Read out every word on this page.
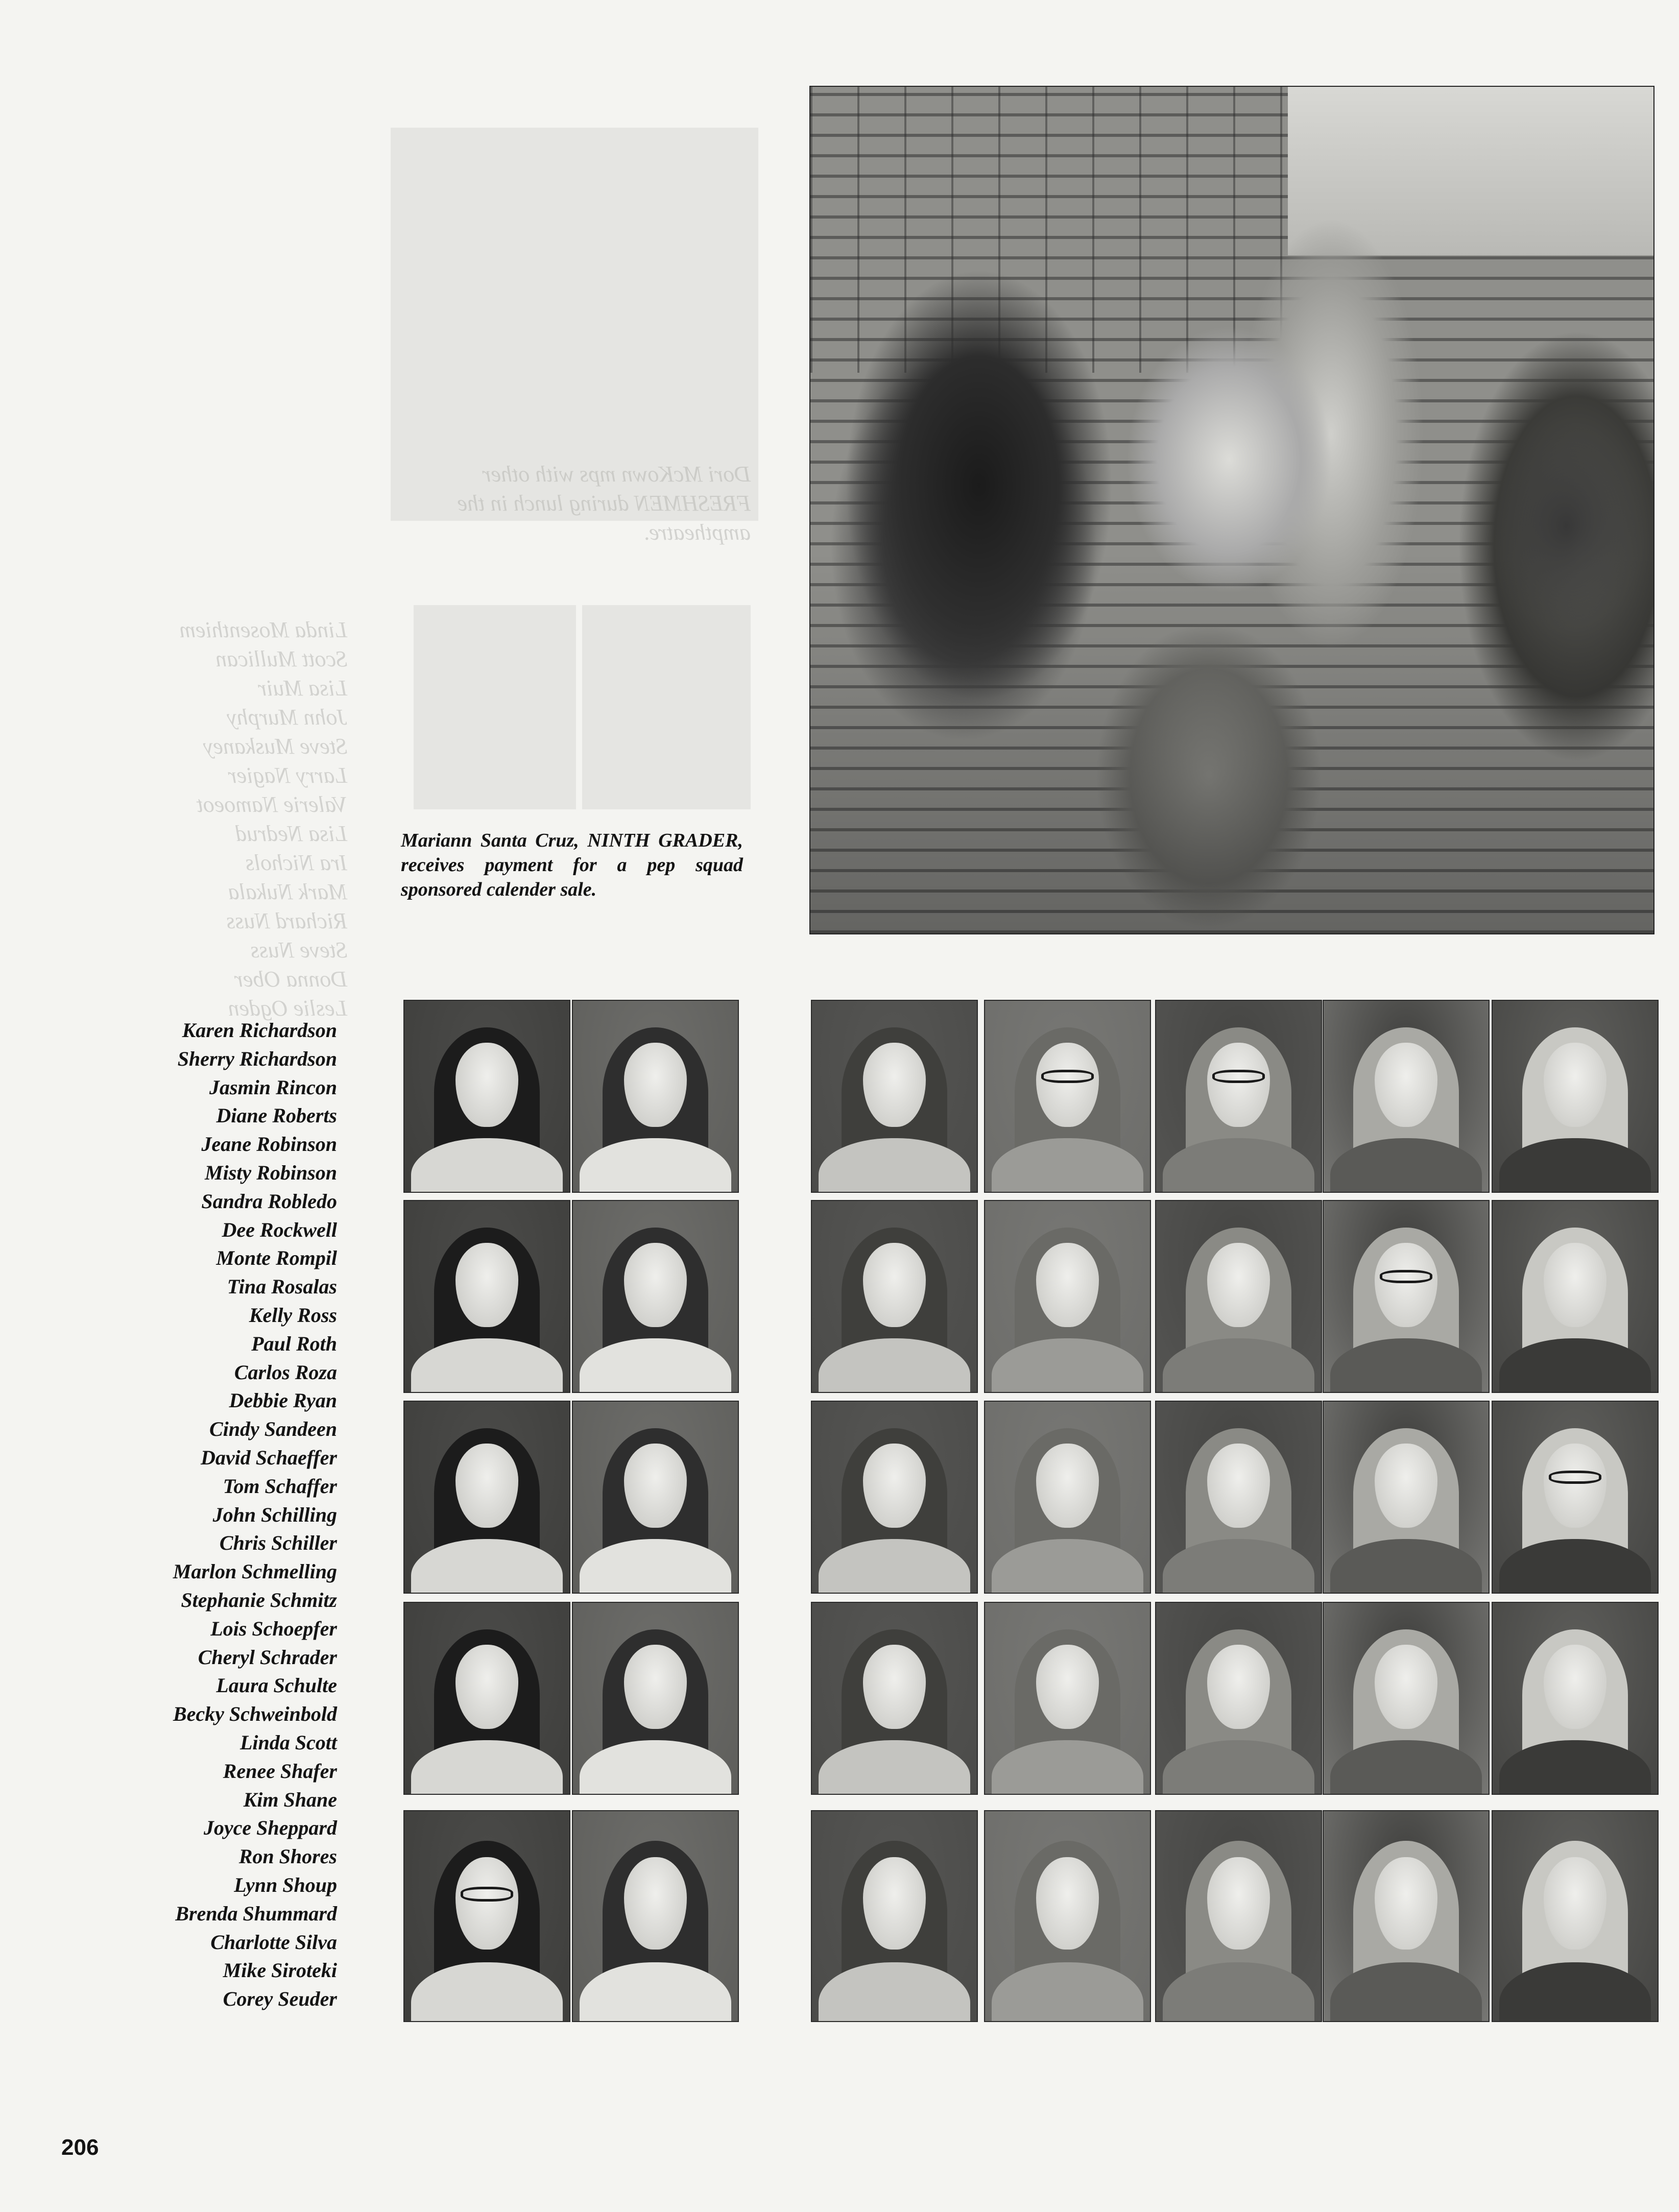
Dori McKown mps with other FRESHMEN during lunch in the amptheatre.
Linda Mosenthiem
Scott Mullican
Lisa Muir
John Murphy
Steve Muskaney
Larry Nagier
Valerie Namoeot
Lisa Nedrud
Ira Nichols
Mark Nukala
Richard Nuss
Steve Nuss
Donna Ober
Leslie Ogden
Mariann Santa Cruz, NINTH GRADER, receives payment for a pep squad sponsored calender sale.
Karen Richardson
Sherry Richardson
Jasmin Rincon
Diane Roberts
Jeane Robinson
Misty Robinson
Sandra Robledo
Dee Rockwell
Monte Rompil
Tina Rosalas
Kelly Ross
Paul Roth
Carlos Roza
Debbie Ryan
Cindy Sandeen
David Schaeffer
Tom Schaffer
John Schilling
Chris Schiller
Marlon Schmelling
Stephanie Schmitz
Lois Schoepfer
Cheryl Schrader
Laura Schulte
Becky Schweinbold
Linda Scott
Renee Shafer
Kim Shane
Joyce Sheppard
Ron Shores
Lynn Shoup
Brenda Shummard
Charlotte Silva
Mike Siroteki
Corey Seuder
206
